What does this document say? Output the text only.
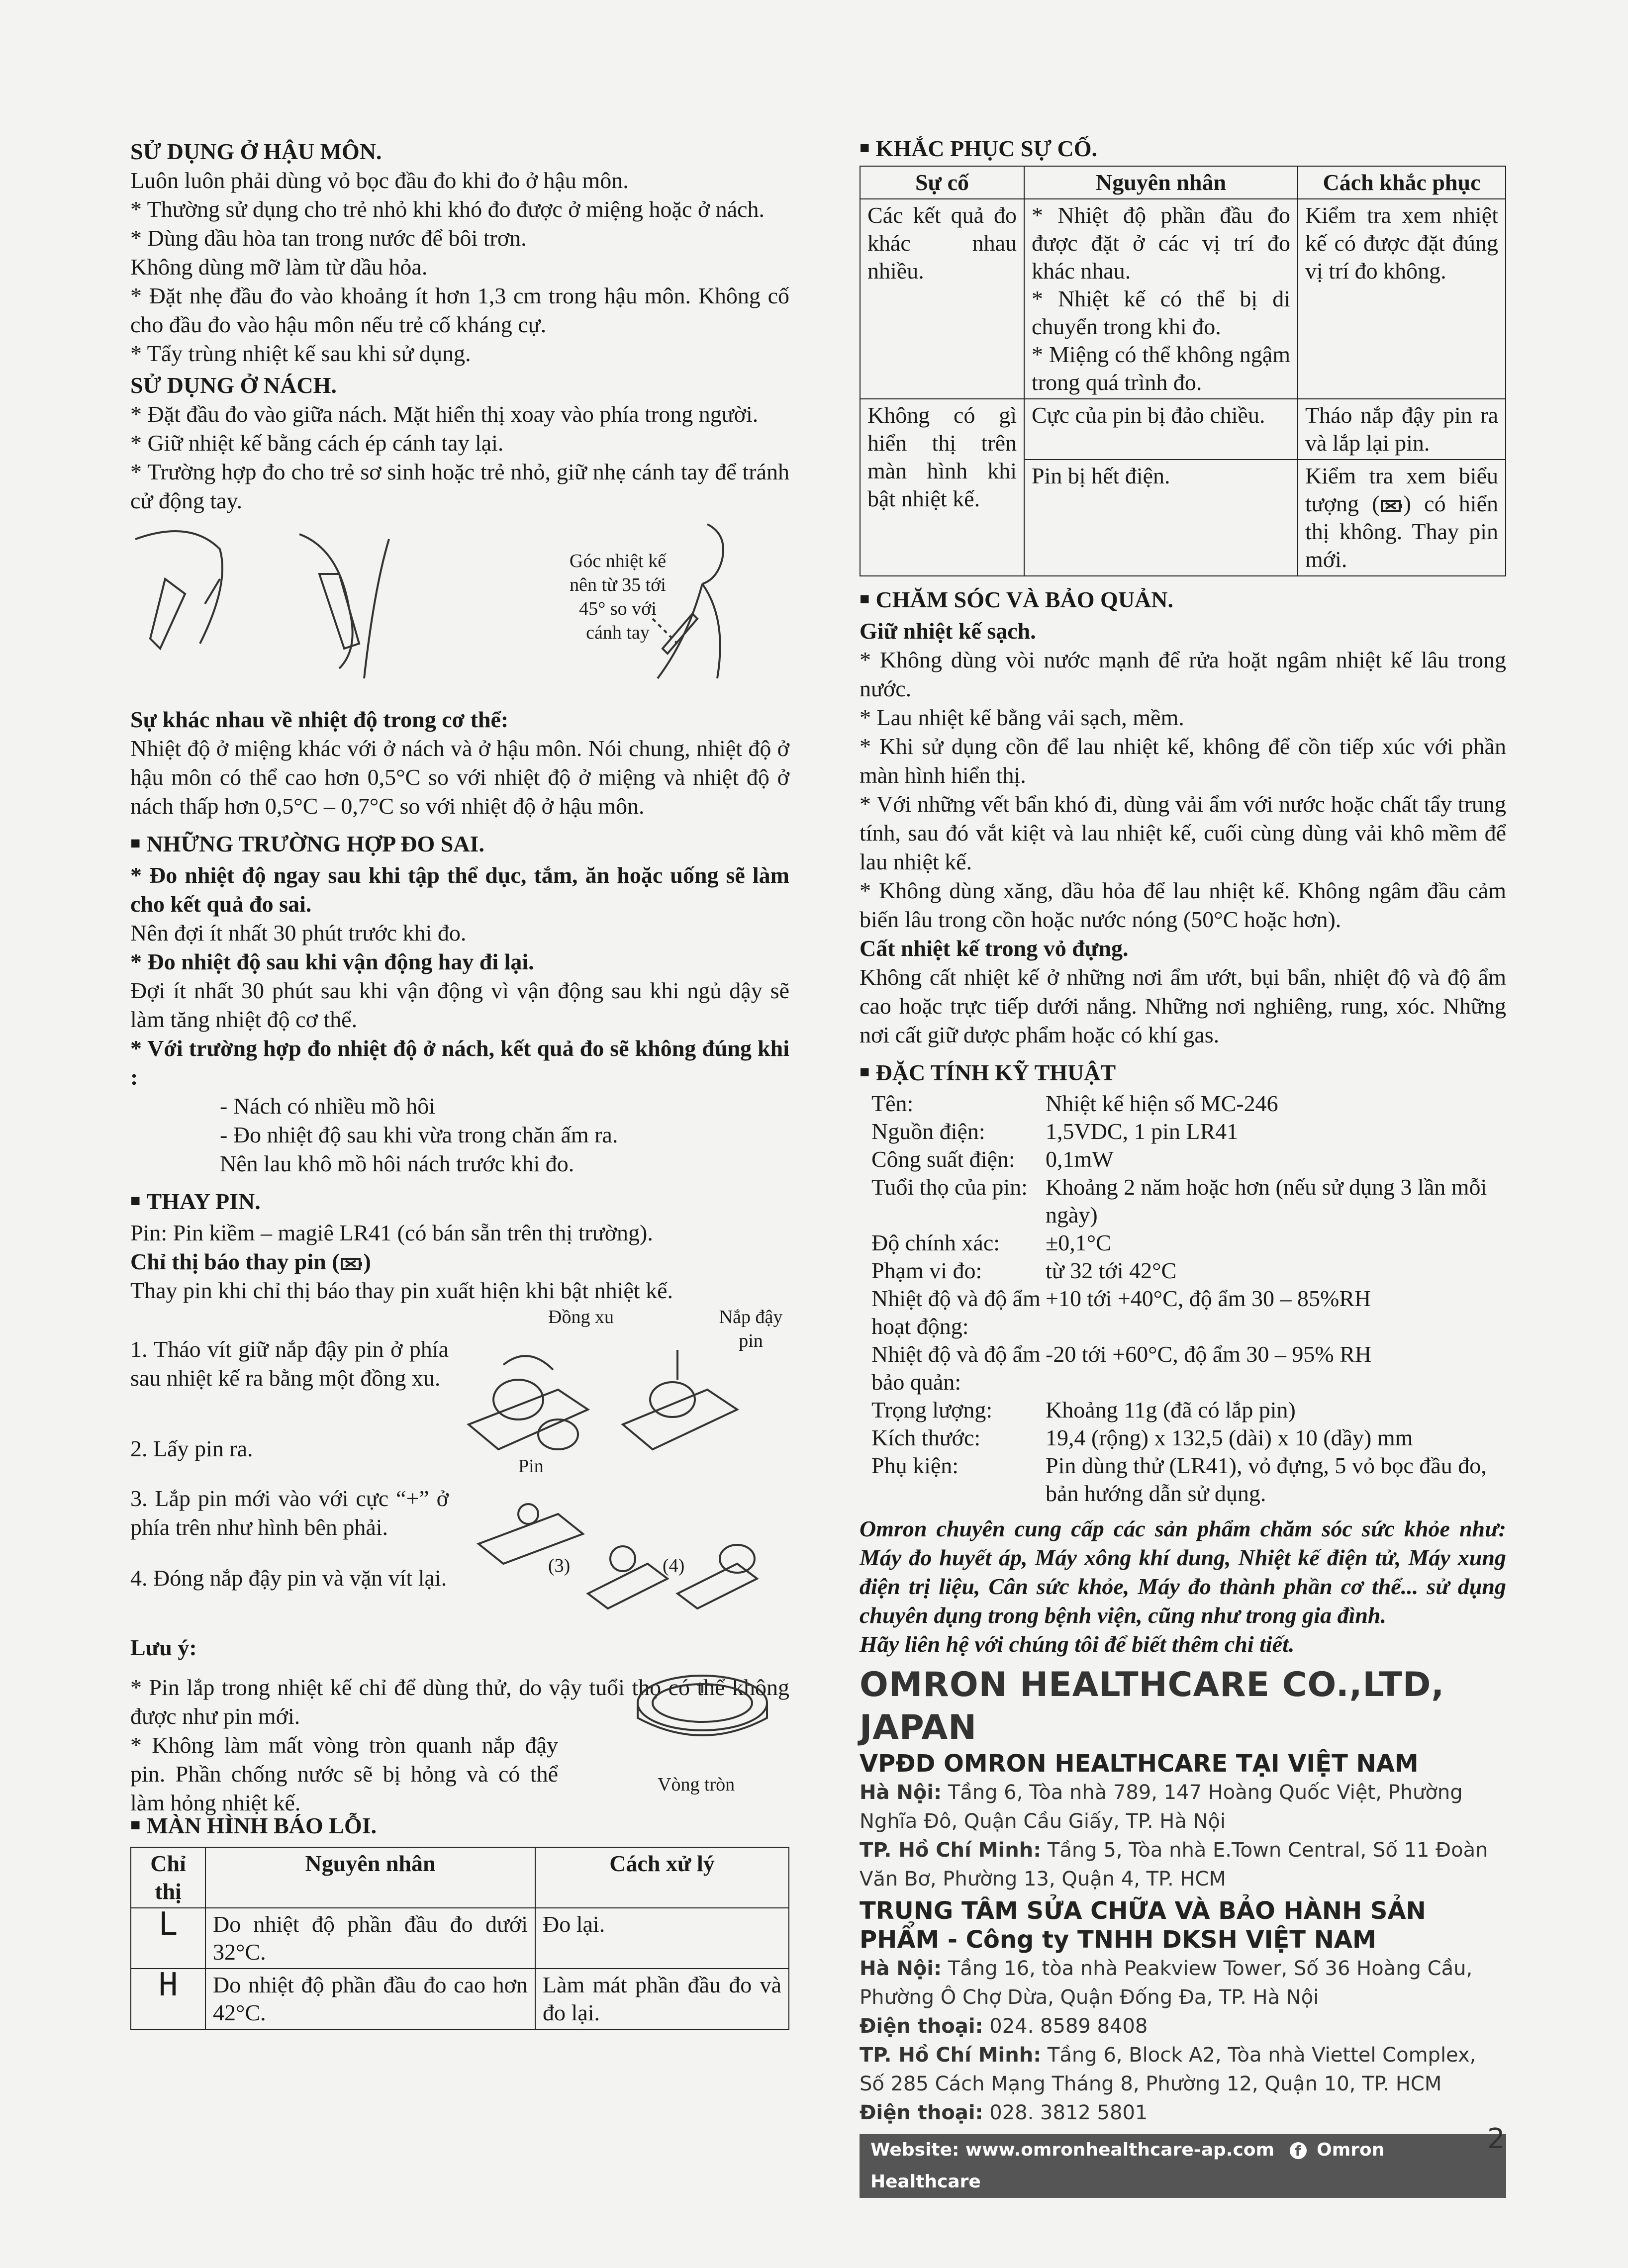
SỬ DỤNG Ở HẬU MÔN.

Luôn luôn phải dùng vỏ bọc đầu đo khi đo ở hậu môn.

* Thường sử dụng cho trẻ nhỏ khi khó đo được ở miệng hoặc ở nách.

* Dùng dầu hòa tan trong nước để bôi trơn.

Không dùng mỡ làm từ dầu hỏa.

* Đặt nhẹ đầu đo vào khoảng ít hơn 1,3 cm trong hậu môn. Không cố cho đầu đo vào hậu môn nếu trẻ cố kháng cự.

* Tẩy trùng nhiệt kế sau khi sử dụng.

SỬ DỤNG Ở NÁCH.

* Đặt đầu đo vào giữa nách. Mặt hiển thị xoay vào phía trong người.

* Giữ nhiệt kế bằng cách ép cánh tay lại.

* Trường hợp đo cho trẻ sơ sinh hoặc trẻ nhỏ, giữ nhẹ cánh tay để tránh cử động tay.

Góc nhiệt kế nên từ 35 tới 45° so với cánh tay
Sự khác nhau về nhiệt độ trong cơ thể:

Nhiệt độ ở miệng khác với ở nách và ở hậu môn. Nói chung, nhiệt độ ở hậu môn có thể cao hơn 0,5°C so với nhiệt độ ở miệng và nhiệt độ ở nách thấp hơn 0,5°C – 0,7°C so với nhiệt độ ở hậu môn.

■ NHỮNG TRƯỜNG HỢP ĐO SAI.

* Đo nhiệt độ ngay sau khi tập thể dục, tắm, ăn hoặc uống sẽ làm cho kết quả đo sai.

Nên đợi ít nhất 30 phút trước khi đo.

* Đo nhiệt độ sau khi vận động hay đi lại.

Đợi ít nhất 30 phút sau khi vận động vì vận động sau khi ngủ dậy sẽ làm tăng nhiệt độ cơ thể.

* Với trường hợp đo nhiệt độ ở nách, kết quả đo sẽ không đúng khi :

- Nách có nhiều mồ hôi

- Đo nhiệt độ sau khi vừa trong chăn ấm ra.

Nên lau khô mồ hôi nách trước khi đo.

■ THAY PIN.

Pin: Pin kiềm – magiê LR41 (có bán sẵn trên thị trường).

Chỉ thị báo thay pin ( )

Thay pin khi chỉ thị báo thay pin xuất hiện khi bật nhiệt kế.

1. Tháo vít giữ nắp đậy pin ở phía sau nhiệt kế ra bằng một đồng xu.

2. Lấy pin ra.

3. Lắp pin mới vào với cực “+” ở phía trên như hình bên phải.

4. Đóng nắp đậy pin và vặn vít lại.

Đồng xu	Nắp đậy pin
Pin
(3)	(4)

Lưu ý:

* Pin lắp trong nhiệt kế chỉ để dùng thử, do vậy tuổi thọ có thể không được như pin mới.

* Không làm mất vòng tròn quanh nắp đậy pin. Phần chống nước sẽ bị hỏng và có thể làm hỏng nhiệt kế.

Vòng tròn
■ MÀN HÌNH BÁO LỖI.
Chỉ thị	Nguyên nhân	Cách xử lý
L	Do nhiệt độ phần đầu đo dưới 32°C.	Đo lại.
H	Do nhiệt độ phần đầu đo cao hơn 42°C.	Làm mát phần đầu đo và đo lại.
■ KHẮC PHỤC SỰ CỐ.
Sự cố	Nguyên nhân	Cách khắc phục
Các kết quả đo khác nhau nhiều.	* Nhiệt độ phần đầu đo được đặt ở các vị trí đo khác nhau.
* Nhiệt kế có thể bị di chuyển trong khi đo.
* Miệng có thể không ngậm trong quá trình đo.	Kiểm tra xem nhiệt kế có được đặt đúng vị trí đo không.
Không có gì hiển thị trên màn hình khi bật nhiệt kế.	Cực của pin bị đảo chiều.	Tháo nắp đậy pin ra và lắp lại pin.
	Pin bị hết điện.	Kiểm tra xem biểu tượng ( ) có hiển thị không. Thay pin mới.
■ CHĂM SÓC VÀ BẢO QUẢN.
Giữ nhiệt kế sạch.

* Không dùng vòi nước mạnh để rửa hoặt ngâm nhiệt kế lâu trong nước.

* Lau nhiệt kế bằng vải sạch, mềm.

* Khi sử dụng cồn để lau nhiệt kế, không để cồn tiếp xúc với phần màn hình hiển thị.

* Với những vết bẩn khó đi, dùng vải ẩm với nước hoặc chất tẩy trung tính, sau đó vắt kiệt và lau nhiệt kế, cuối cùng dùng vải khô mềm để lau nhiệt kế.

* Không dùng xăng, dầu hỏa để lau nhiệt kế. Không ngâm đầu cảm biến lâu trong cồn hoặc nước nóng (50°C hoặc hơn).

Cất nhiệt kế trong vỏ đựng.

Không cất nhiệt kế ở những nơi ẩm ướt, bụi bẩn, nhiệt độ và độ ẩm cao hoặc trực tiếp dưới nắng. Những nơi nghiêng, rung, xóc. Những nơi cất giữ dược phẩm hoặc có khí gas.

■ ĐẶC TÍNH KỸ THUẬT
Tên:	Nhiệt kế hiện số MC-246
Nguồn điện:	1,5VDC, 1 pin LR41
Công suất điện:	0,1mW
Tuổi thọ của pin:	Khoảng 2 năm hoặc hơn (nếu sử dụng 3 lần mỗi ngày)
Độ chính xác:	±0,1°C
Phạm vi đo:	từ 32 tới 42°C
Nhiệt độ và độ ẩm hoạt động:	+10 tới +40°C, độ ẩm 30 – 85%RH
Nhiệt độ và độ ẩm bảo quản:	-20 tới +60°C, độ ẩm 30 – 95% RH
Trọng lượng:	Khoảng 11g (đã có lắp pin)
Kích thước:	19,4 (rộng) x 132,5 (dài) x 10 (dầy) mm
Phụ kiện:	Pin dùng thử (LR41), vỏ đựng, 5 vỏ bọc đầu đo, bản hướng dẫn sử dụng.

Omron chuyên cung cấp các sản phẩm chăm sóc sức khỏe như: Máy đo huyết áp, Máy xông khí dung, Nhiệt kế điện tử, Máy xung điện trị liệu, Cân sức khỏe, Máy đo thành phần cơ thể... sử dụng chuyên dụng trong bệnh viện, cũng như trong gia đình.

Hãy liên hệ với chúng tôi để biết thêm chi tiết.

OMRON HEALTHCARE CO.,LTD, JAPAN
VPĐD OMRON HEALTHCARE TẠI VIỆT NAM
Hà Nội: Tầng 6, Tòa nhà 789, 147 Hoàng Quốc Việt, Phường Nghĩa Đô, Quận Cầu Giấy, TP. Hà Nội
TP. Hồ Chí Minh: Tầng 5, Tòa nhà E.Town Central, Số 11 Đoàn Văn Bơ, Phường 13, Quận 4, TP. HCM
TRUNG TÂM SỬA CHỮA VÀ BẢO HÀNH SẢN PHẨM - Công ty TNHH DKSH VIỆT NAM
Hà Nội: Tầng 16, tòa nhà Peakview Tower, Số 36 Hoàng Cầu, Phường Ô Chợ Dừa, Quận Đống Đa, TP. Hà Nội
Điện thoại: 024. 8589 8408
TP. Hồ Chí Minh: Tầng 6, Block A2, Tòa nhà Viettel Complex, Số 285 Cách Mạng Tháng 8, Phường 12, Quận 10, TP. HCM
Điện thoại: 028. 3812 5801
Website: www.omronhealthcare-ap.com f Omron Healthcare
2
